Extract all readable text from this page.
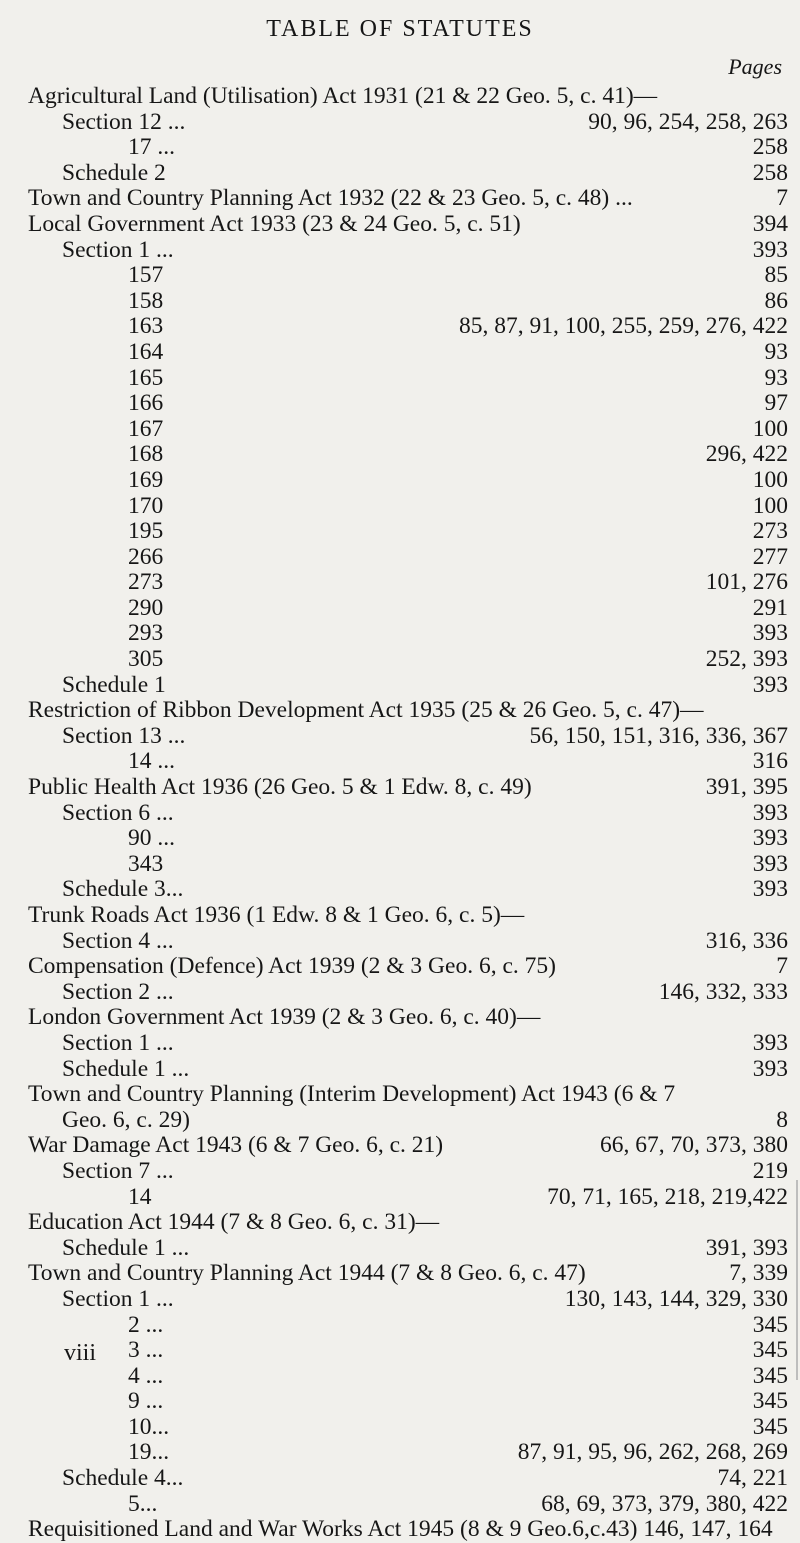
TABLE OF STATUTES
Pages
Agricultural Land (Utilisation) Act 1931 (21 & 22 Geo. 5, c. 41)—
Section 12 ...	90, 96, 254, 258, 263
17 ...	258
Schedule 2	258
Town and Country Planning Act 1932 (22 & 23 Geo. 5, c. 48) ...	7
Local Government Act 1933 (23 & 24 Geo. 5, c. 51)	394
Section 1 ...	393
157	85
158	86
163	85, 87, 91, 100, 255, 259, 276, 422
164	93
165	93
166	97
167	100
168	296, 422
169	100
170	100
195	273
266	277
273	101, 276
290	291
293	393
305	252, 393
Schedule 1	393
Restriction of Ribbon Development Act 1935 (25 & 26 Geo. 5, c. 47)—
Section 13 ...	56, 150, 151, 316, 336, 367
14 ...	316
Public Health Act 1936 (26 Geo. 5 & 1 Edw. 8, c. 49)	391, 395
Section 6 ...	393
90 ...	393
343	393
Schedule 3...	393
Trunk Roads Act 1936 (1 Edw. 8 & 1 Geo. 6, c. 5)—
Section 4 ...	316, 336
Compensation (Defence) Act 1939 (2 & 3 Geo. 6, c. 75)	7
Section 2 ...	146, 332, 333
London Government Act 1939 (2 & 3 Geo. 6, c. 40)—
Section 1 ...	393
Schedule 1 ...	393
Town and Country Planning (Interim Development) Act 1943 (6 & 7
Geo. 6, c. 29)	8
War Damage Act 1943 (6 & 7 Geo. 6, c. 21)	66, 67, 70, 373, 380
Section 7 ...	219
14	70, 71, 165, 218, 219,422
Education Act 1944 (7 & 8 Geo. 6, c. 31)—
Schedule 1 ...	391, 393
Town and Country Planning Act 1944 (7 & 8 Geo. 6, c. 47)	7, 339
Section 1 ...	130, 143, 144, 329, 330
2 ...	345
3 ...	345
4 ...	345
9 ...	345
10...	345
19...	87, 91, 95, 96, 262, 268, 269
Schedule 4...	74, 221
5...	68, 69, 373, 379, 380, 422
Requisitioned Land and War Works Act 1945 (8 & 9 Geo.6,c.43) 146, 147, 164
viii
